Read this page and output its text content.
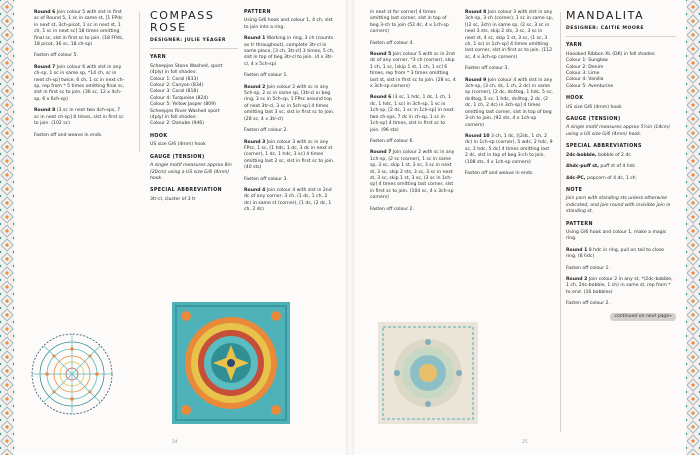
Round 6 Join colour 5 with slst in first sc of Round 5, 1 sc in same st, [1 FPdc in next st, 3ch-picot, 1 sc in next st, 1 ch, 1 sc in next sc] 18 times omitting final sc, slst in first sc to join. (18 FPdc, 18 picot, 36 sc, 18 ch-sp)

Fasten off colour 5.

Round 7 Join colour 6 with slst in any ch-sp, 1 sc in same sp, *14 ch, sc in next ch-sp] twice, 6 ch, 1 sc in next ch-sp, rep from * 5 times omitting final sc, slst in first sc to join. (36 sc, 12 x 4ch-sp, 6 x 6ch-sp)

Round 8 (3 sc in next two 4ch-sps, 7 sc in next ch-sp] 6 times, slst in first sc to join. (102 sc)

Fasten off and weave in ends.

COMPASS
ROSE
DESIGNER: JULIE YEAGER
YARN
Scheepjes Stone Washed, sport
(4ply) in foll shades:
Colour 1: Coral (833)
Colour 2: Canyon (834)
Colour 3: Coral (818)
Colour 4: Turquoise (824)
Colour 5: Yellow Jasper (809)
Scheepjes River Washed sport
(4ply) in foll shades:
Colour 2: Danube (946)
HOOK
US size G/6 (4mm) hook
GAUGE (TENSION)
A single motif measures approx 8in (20cm) using a US size G/6 (4mm) hook.
SPECIAL ABBREVIATION
3tr-cl, cluster of 3 tr
PATTERN

Using G/6 hook and colour 1, 4 ch, slst to join into a ring.

Round 1 Working in ring, 3 ch (counts as tr throughout), complete 3tr-cl in same place, [3 ch, 3tr-cl] 3 times, 5 ch, slst in top of beg 3tr-cl to join. (4 x 3tr-cl, 4 x 5ch-sp)

Fasten off colour 1.

Round 2 Join colour 2 with sc in any 5ch-sp, 2 sc in same sp, [3tr-cl in beg ring, 3 sc in 5ch-sp, 1 FPsc around top of next 3tr-cl, 3 sc in 5ch-sp] 4 times omitting last 3 sc, slst in first sc to join. (28 sc, 4 x 3tr-cl)

Fasten off colour 2.

Round 3 Join colour 3 with sc in any FPsc, 1 sc, [1 hdc, 1 dc, 3 dc in next st (corner), 1 dc, 1 hdc, 3 sc] 4 times omitting last 2 sc, slst in first sc to join. (40 sts)

Fasten off colour 3.

Round 4 Join colour 4 with slst in 2nd dc of any corner, 3 ch, (1 dc, 1 ch, 2 dc) in same st (corner), [1 dc, (2 dc, 1 ch, 2 dc)

24

in next st for corner] 4 times omitting last corner, slst in top of beg 3-ch to join (52 dc, 4 x 1ch-sp corners)

Fasten off colour 4.

Round 5 Join colour 5 with sc in 2nd dc of any corner, *3 ch (corner), skip 1 ch, 1 sc, [skip 1 st, 1 ch, 1 sc] 6 times, rep from * 3 times omitting last st, slst in first sc to join. (28 sc, 4 x 3ch-sp corners)

Round 6 (3 sc, 1 hdc, 1 dc, 1 ch, 1 dc, 1 hdc, 1 sc) in 3ch-sp, 1 sc in 1ch-sp, [2 dc, 1 sc in 1ch-sp] in next two ch-sps, 7 dc in ch-sp, 1 sc in 1ch-sp] 4 times, slst in first sc to join. (96 sts)

Fasten off colour 6.

Round 7 Join colour 2 with sc in any 1ch-sp, (2 sc (corner), 1 sc in same sp, 3 sc, skip 1 st, 3 sc, 3 sc in next st, 3 sc, skip 2 sts, 3 sc, 3 sc in next st, 3 sc, skip 1 st, 3 sc, (3 sc in 1ch-sp] 4 times omitting last corner, slst in first sc to join. (104 sc, 4 x 3ch-sp corners)

Fasten off colour 2.

Round 8 Join colour 3 with slst in any 3ch-sp, 3 ch (corner), 1 sc in same sp, [(2 sc, 3ch) in same sp, (2 sc, 3 sc in next 3 sts, skip 2 sts, 3 sc, 3 sc in next st, 4 sc, skip 1 st, 3 sc, (1 sc, 3 ch, 1 sc) in 1ch-sp] 4 times omitting last corner, slst in first sc to join. (112 sc, 4 x 3ch-sp corners)

Fasten off colour 3.

Round 9 Join colour 4 with slst in any 3ch-sp, (3 ch, dc, 1 ch, 2 dc) in same sp (corner), [2 dc, dc4tog, 1 hdc, 5 sc, dc4tog, 5 sc, 1 hdc, dc4tog, 2 dc, (2 dc, 1 ch, 2 dc) in 3ch-sp] 4 times omitting last corner, slst in top of beg 3-ch to join. (92 sts, 4 x 1ch-sp corners)

Round 10 3 ch, 1 dc, [(2dc, 1 ch, 2 dc) in 1ch-sp (corner), 5 wdc, 2 hdc, 9 sc, 2 hdc, 5 dc] 4 times omitting last 2 dc, slst in top of beg 3-ch to join. (108 sts, 4 x 1ch-sp corners)

Fasten off and weave in ends.

MANDALITA
DESIGNER: CAITIE MOORE
YARN
Hoooked Ribbon XL (DK) in foll shades:
Colour 1: Sunglow
Colour 2: Denim
Colour 3: Lime
Colour 4: Vanilla
Colour 5: Aventurine
HOOK
US size G/6 (4mm) hook
GAUGE (TENSION)
A single motif measures approx 5½in (14cm) using a US size G/6 (4mm) hook.
SPECIAL ABBREVIATIONS

2dc-bobble, bobble of 2 dc

4hdc-puff st, puff st of 4 hdc

4dc-PC, popcorn of 4 dc, 1 ch

NOTE
Join yarn with standing sts unless otherwise indicated, and join round with invisible join in standing st.
PATTERN

Using G/6 hook and colour 1, make a magic ring.

Round 1 8 hdc in ring, pull on tail to close ring. (8 hdc)

Fasten off colour 1.

Round 2 Join colour 2 in any st, *(2dc-bobble, 1 ch, 2dc-bobble, 1 ch) in same st, rep from * to end. (16 bobbles)

Fasten off colour 2.

continued on next page»
25
